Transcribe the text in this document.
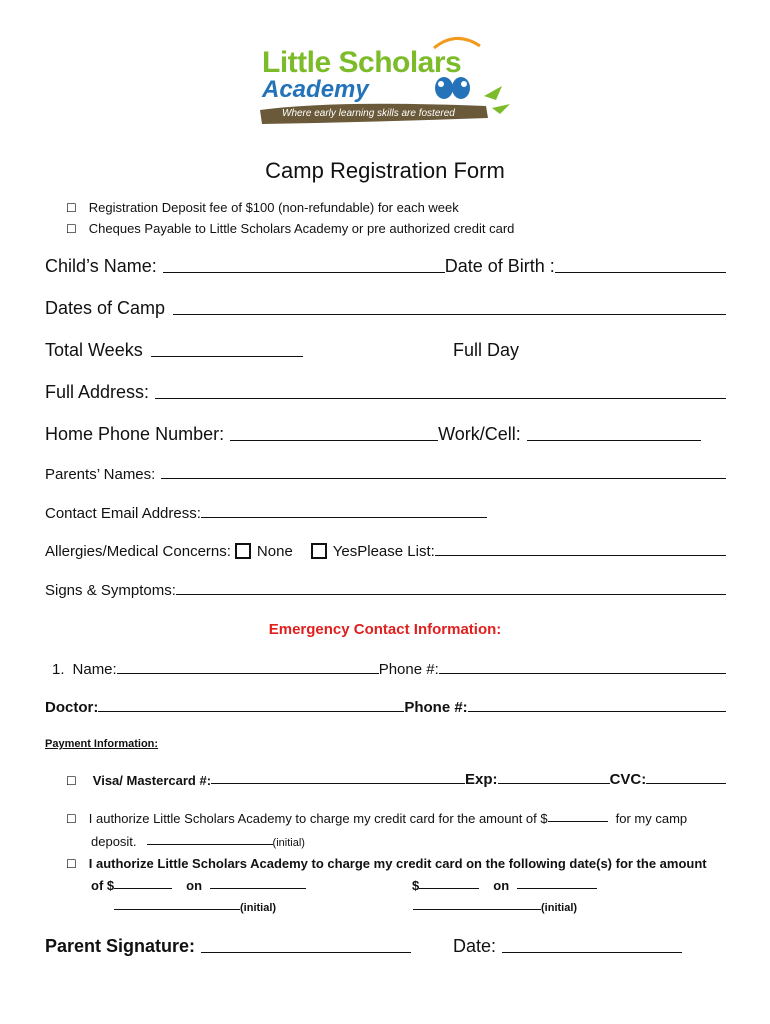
Little Scholars
Academy
Where early learning skills are fostered
Camp Registration Form
☐ Registration Deposit fee of $100 (non-refundable) for each week
☐ Cheques Payable to Little Scholars Academy or pre authorized credit card
Child’s Name:	Date of Birth :
Dates of Camp
Total Weeks	Full Day
Full Address:
Home Phone Number:	Work/Cell:
Parents’ Names:
Contact Email Address:
Allergies/Medical Concerns: None	YesPlease List:
Signs & Symptoms:
Emergency Contact Information:
1. Name:	Phone #:
Doctor:	Phone #:
Payment Information:
☐ Visa/ Mastercard #:	Exp:	CVC:
☐ I authorize Little Scholars Academy to charge my credit card for the amount of $	for my camp
deposit.	(initial)
☐ I authorize Little Scholars Academy to charge my credit card on the following date(s) for the amount
of $	on	$	on
(initial)	(initial)
Parent Signature:	Date:
